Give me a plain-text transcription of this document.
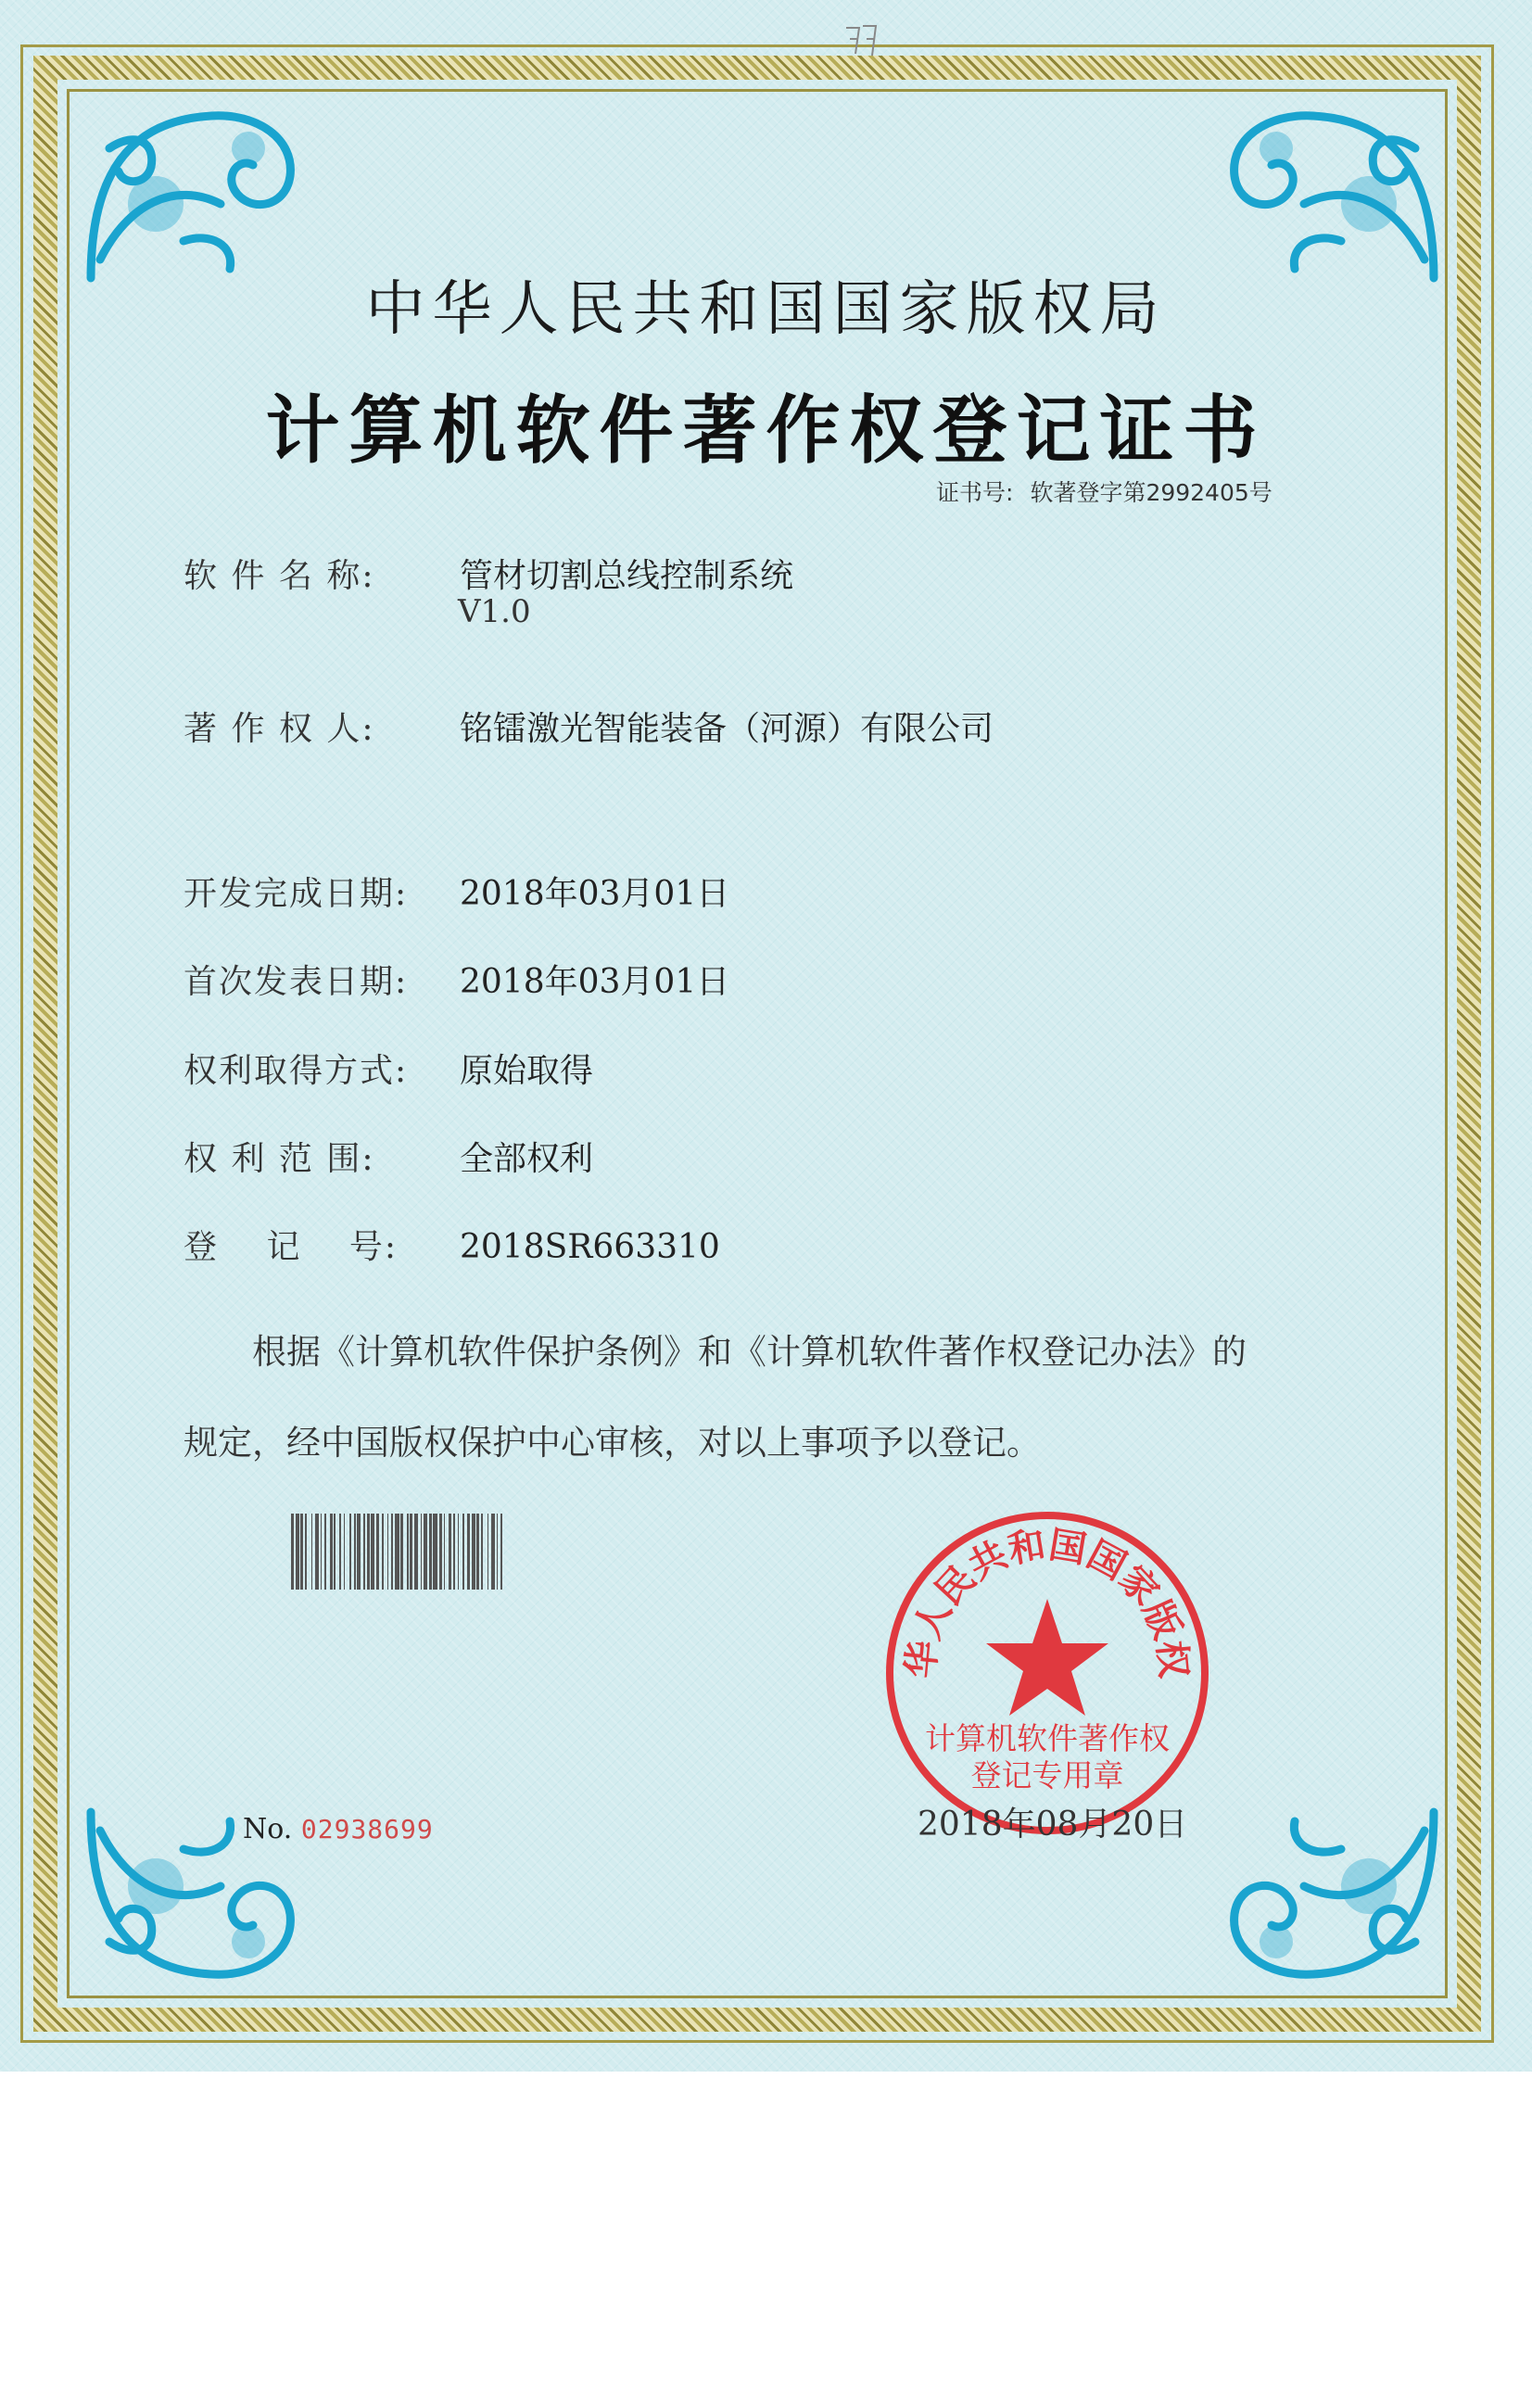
中华人民共和国国家版权局
计算机软件著作权登记证书
证书号: 软著登字第2992405号
软 件 名 称:	管材切割总线控制系统
V1.0
著 作 权 人:	铭镭激光智能装备（河源）有限公司
开发完成日期: 2018年03月01日
首次发表日期: 2018年03月01日
权利取得方式: 原始取得
权 利 范 围:	全部权利
登　 记 　号: 2018SR663310

根据《计算机软件保护条例》和《计算机软件著作权登记办法》的

规定，经中国版权保护中心审核，对以上事项予以登记。

华人民共和国国家版权
计算机软件著作权
登记专用章
No. 02938699	2018年08月20日
